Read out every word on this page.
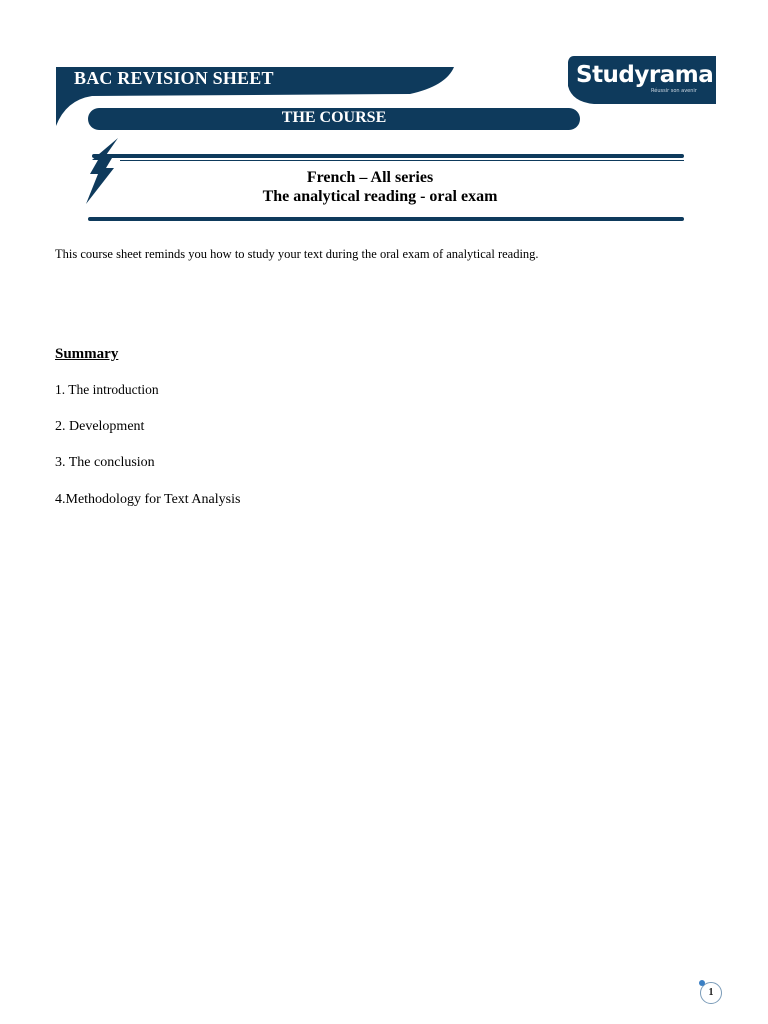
BAC REVISION SHEET
THE COURSE
Studyrama
Réussir son avenir
French – All series
The analytical reading - oral exam
This course sheet reminds you how to study your text during the oral exam of analytical reading.
Summary
1. The introduction
2. Development
3. The conclusion
4.Methodology for Text Analysis
1
